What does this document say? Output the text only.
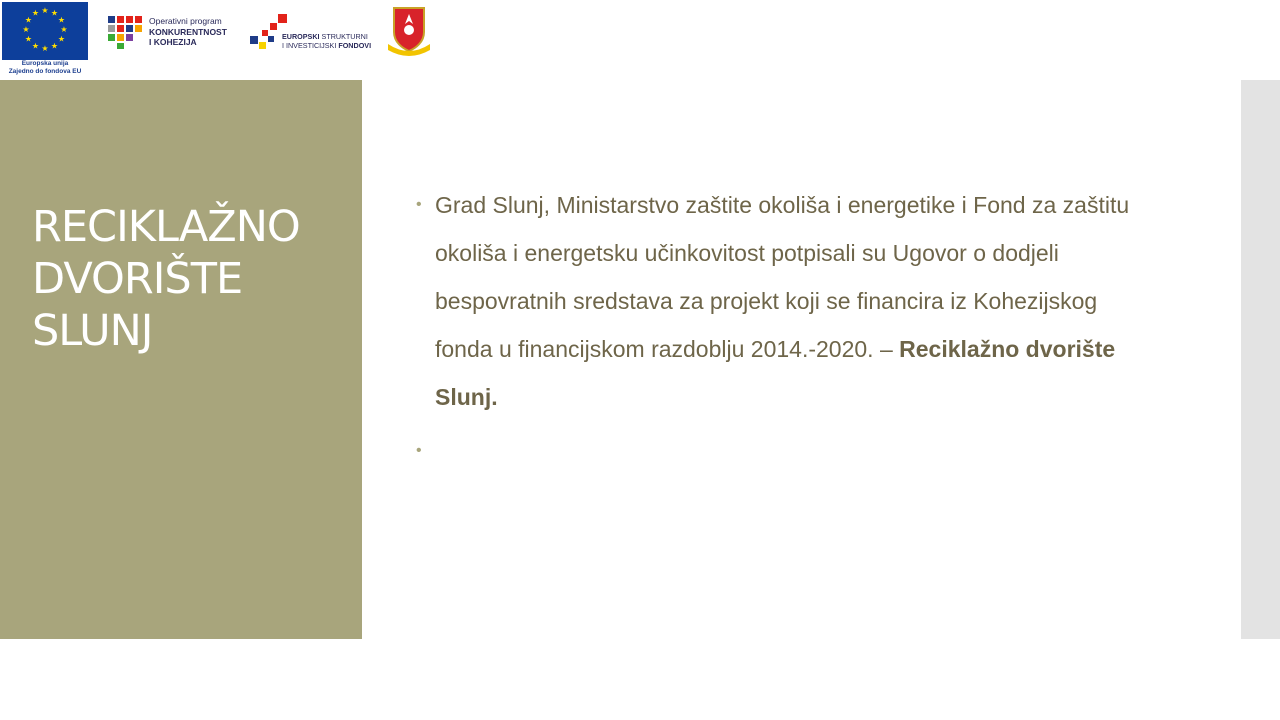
★ ★
★
★
★
★
★
★
★
★
★
★
Europska unija
Zajedno do fondova EU
Operativni program
KONKURENTNOST
I KOHEZIJA
EUROPSKI STRUKTURNI
I INVESTICIJSKI FONDOVI
RECIKLAŽNO
DVORIŠTE
SLUNJ
• Grad Slunj, Ministarstvo zaštite okoliša i energetike i Fond za zaštitu okoliša i energetsku učinkovitost potpisali su Ugovor o dodjeli bespovratnih sredstava za projekt koji se financira iz Kohezijskog fonda u financijskom razdoblju 2014.-2020. – Reciklažno dvorište Slunj.
•
